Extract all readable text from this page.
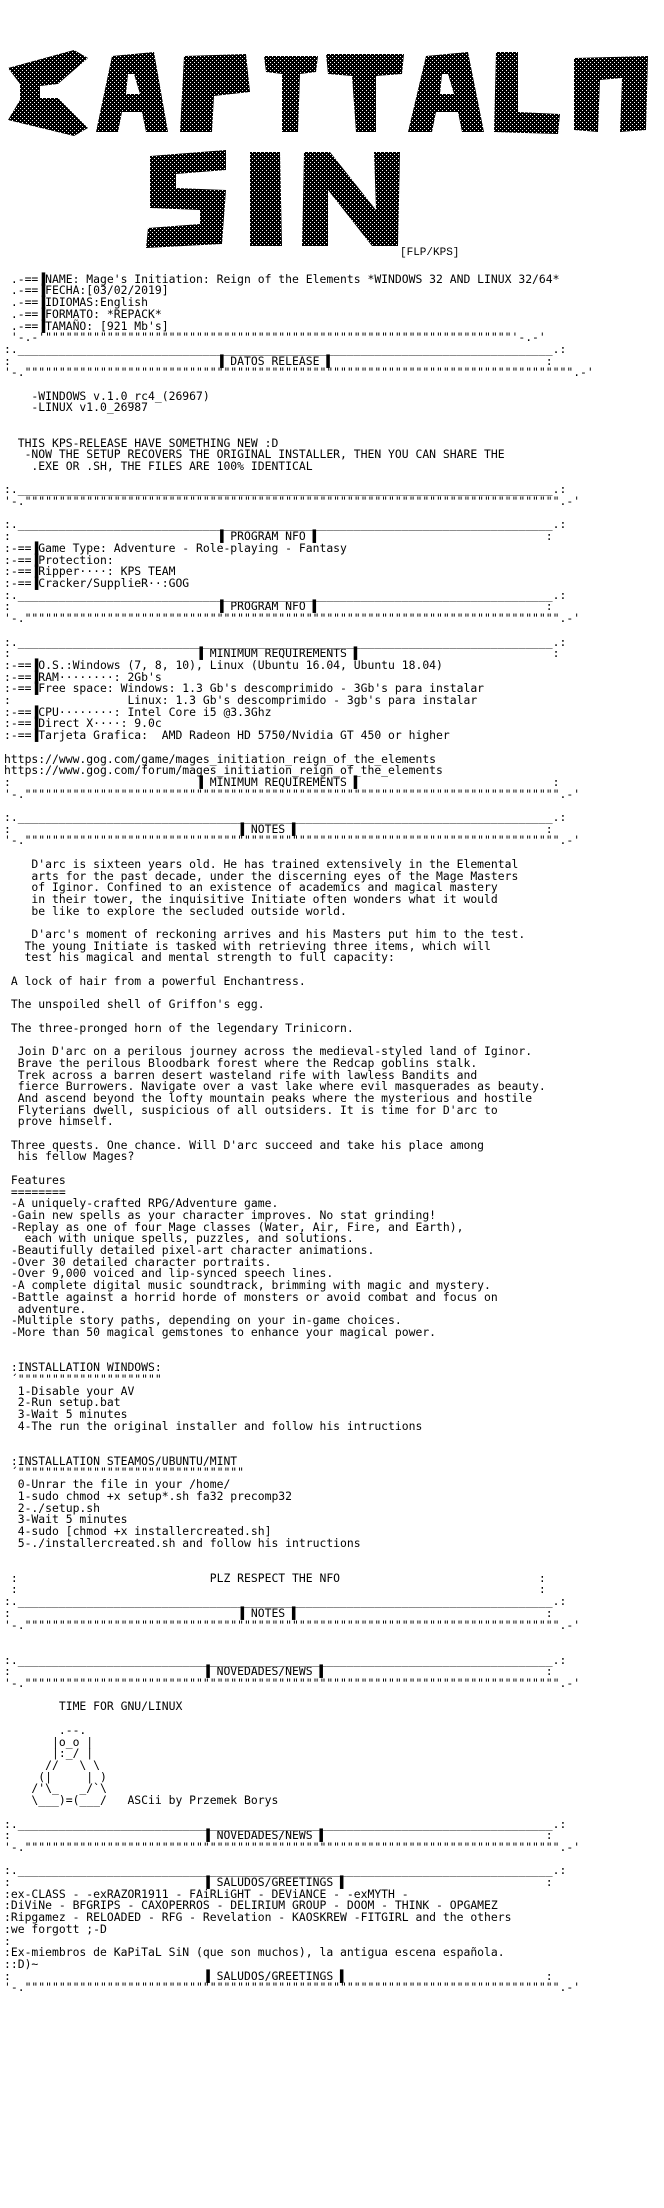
[FLP/KPS]

.-==▐NAME: Mage's Initiation: Reign of the Elements *WINDOWS 32 AND LINUX 32/64*
.-==▐FECHA:[03/02/2019]
.-==▐IDIOMAS:English
.-==▐FORMATO: *REPACK*
.-==▐TAMAÑO: [921 Mb's]
'-.-'""""""""""""""""""""""""""""""""""""""""""""""""""""""""""""""""""""'-.-'
:.______________________________________________________________________________.:
:                              ▐ DATOS RELEASE ▌                               :
'-."""""""""""""""""""""""""""""""""""""""""""""""""""""""""""""""""""""""""""""""".-'

-WINDOWS v.1.0_rc4_(26967)
-LINUX v1.0_26987

THIS KPS-RELEASE HAVE SOMETHING NEW :D
-NOW THE SETUP RECOVERS THE ORIGINAL INSTALLER, THEN YOU CAN SHARE THE
.EXE OR .SH, THE FILES ARE 100% IDENTICAL

:.______________________________________________________________________________.:
'-."""""""""""""""""""""""""""""""""""""""""""""""""""""""""""""""""""""""""""""".-'

:.______________________________________________________________________________.:
:                              ▐ PROGRAM NFO ▌                                 :
:-==▐Game Type: Adventure - Role-playing - Fantasy
:-==▐Protection:
:-==▐Ripper····: KPS TEAM
:-==▐Cracker/SupplieR··:GOG
:.______________________________________________________________________________.:
:                              ▐ PROGRAM NFO ▌                                 :
'-."""""""""""""""""""""""""""""""""""""""""""""""""""""""""""""""""""""""""""""".-'

:.______________________________________________________________________________.:
:                           ▐ MINIMUM REQUIREMENTS ▌                            :
:-==▐O.S.:Windows (7, 8, 10), Linux (Ubuntu 16.04, Ubuntu 18.04)
:-==▐RAM········: 2Gb's
:-==▐Free space: Windows: 1.3 Gb's descomprimido - 3Gb's para instalar
:                 Linux: 1.3 Gb's descomprimido - 3gb's para instalar
:-==▐CPU········: Intel Core i5 @3.3Ghz
:-==▐Direct X····: 9.0c
:-==▐Tarjeta Grafica:  AMD Radeon HD 5750/Nvidia GT 450 or higher

https://www.gog.com/game/mages_initiation_reign_of_the_elements
https://www.gog.com/forum/mages_initiation_reign_of_the_elements
:                           ▐ MINIMUM REQUIREMENTS ▌                            :
'-."""""""""""""""""""""""""""""""""""""""""""""""""""""""""""""""""""""""""""""".-'

:.______________________________________________________________________________.:
:                                 ▐ NOTES ▌                                    :
'-."""""""""""""""""""""""""""""""""""""""""""""""""""""""""""""""""""""""""""""".-'

D'arc is sixteen years old. He has trained extensively in the Elemental
arts for the past decade, under the discerning eyes of the Mage Masters
of Iginor. Confined to an existence of academics and magical mastery
in their tower, the inquisitive Initiate often wonders what it would
be like to explore the secluded outside world.

D'arc's moment of reckoning arrives and his Masters put him to the test.
The young Initiate is tasked with retrieving three items, which will
test his magical and mental strength to full capacity:

A lock of hair from a powerful Enchantress.

The unspoiled shell of Griffon's egg.

The three-pronged horn of the legendary Trinicorn.

Join D'arc on a perilous journey across the medieval-styled land of Iginor.
Brave the perilous Bloodbark forest where the Redcap goblins stalk.
Trek across a barren desert wasteland rife with lawless Bandits and
fierce Burrowers. Navigate over a vast lake where evil masquerades as beauty.
And ascend beyond the lofty mountain peaks where the mysterious and hostile
Flyterians dwell, suspicious of all outsiders. It is time for D'arc to
prove himself.

Three quests. One chance. Will D'arc succeed and take his place among
his fellow Mages?

Features
========
-A uniquely-crafted RPG/Adventure game.
-Gain new spells as your character improves. No stat grinding!
-Replay as one of four Mage classes (Water, Air, Fire, and Earth),
each with unique spells, puzzles, and solutions.
-Beautifully detailed pixel-art character animations.
-Over 30 detailed character portraits.
-Over 9,000 voiced and lip-synced speech lines.
-A complete digital music soundtrack, brimming with magic and mystery.
-Battle against a horrid horde of monsters or avoid combat and focus on
adventure.
-Multiple story paths, depending on your in-game choices.
-More than 50 magical gemstones to enhance your magical power.

:INSTALLATION WINDOWS:
´"""""""""""""""""""""
1-Disable your AV
2-Run setup.bat
3-Wait 5 minutes
4-The run the original installer and follow his intructions

:INSTALLATION STEAMOS/UBUNTU/MINT
´"""""""""""""""""""""""""""""""""
0-Unrar the file in your /home/
1-sudo chmod +x setup*.sh fa32 precomp32
2-./setup.sh
3-Wait 5 minutes
4-sudo [chmod +x installercreated.sh]
5-./installercreated.sh and follow his intructions

:                            PLZ RESPECT THE NFO                             :
:                                                                            :
:.______________________________________________________________________________.:
:                                 ▐ NOTES ▌                                    :
'-."""""""""""""""""""""""""""""""""""""""""""""""""""""""""""""""""""""""""""""".-'

:.______________________________________________________________________________.:
:                            ▐ NOVEDADES/NEWS ▌                                :
'-."""""""""""""""""""""""""""""""""""""""""""""""""""""""""""""""""""""""""""""".-'

TIME FOR GNU/LINUX

.--.
|o_o |
|:_/ |
//   \ \
(|     | )
/'\_   _/`\
\___)=(___/   ASCii by Przemek Borys

:.______________________________________________________________________________.:
:                            ▐ NOVEDADES/NEWS ▌                                :
'-."""""""""""""""""""""""""""""""""""""""""""""""""""""""""""""""""""""""""""""".-'

:.______________________________________________________________________________.:
:                            ▐ SALUDOS/GREETINGS ▌                             :
:ex-CLASS - -exRAZOR1911 - FAiRLiGHT - DEViANCE - -exMYTH -
:DiViNe - BFGRIPS - CAXOPERROS - DELIRIUM GROUP - DOOM - THINK - OPGAMEZ
:Ripgamez - RELOADED - RFG - Revelation - KAOSKREW -FITGIRL and the others
:we forgott ;-D
:
:Ex-miembros de KaPiTaL SiN (que son muchos), la antigua escena española.
::D)~
:                            ▐ SALUDOS/GREETINGS ▌                             :
'-."""""""""""""""""""""""""""""""""""""""""""""""""""""""""""""""""""""""""""""".-'
